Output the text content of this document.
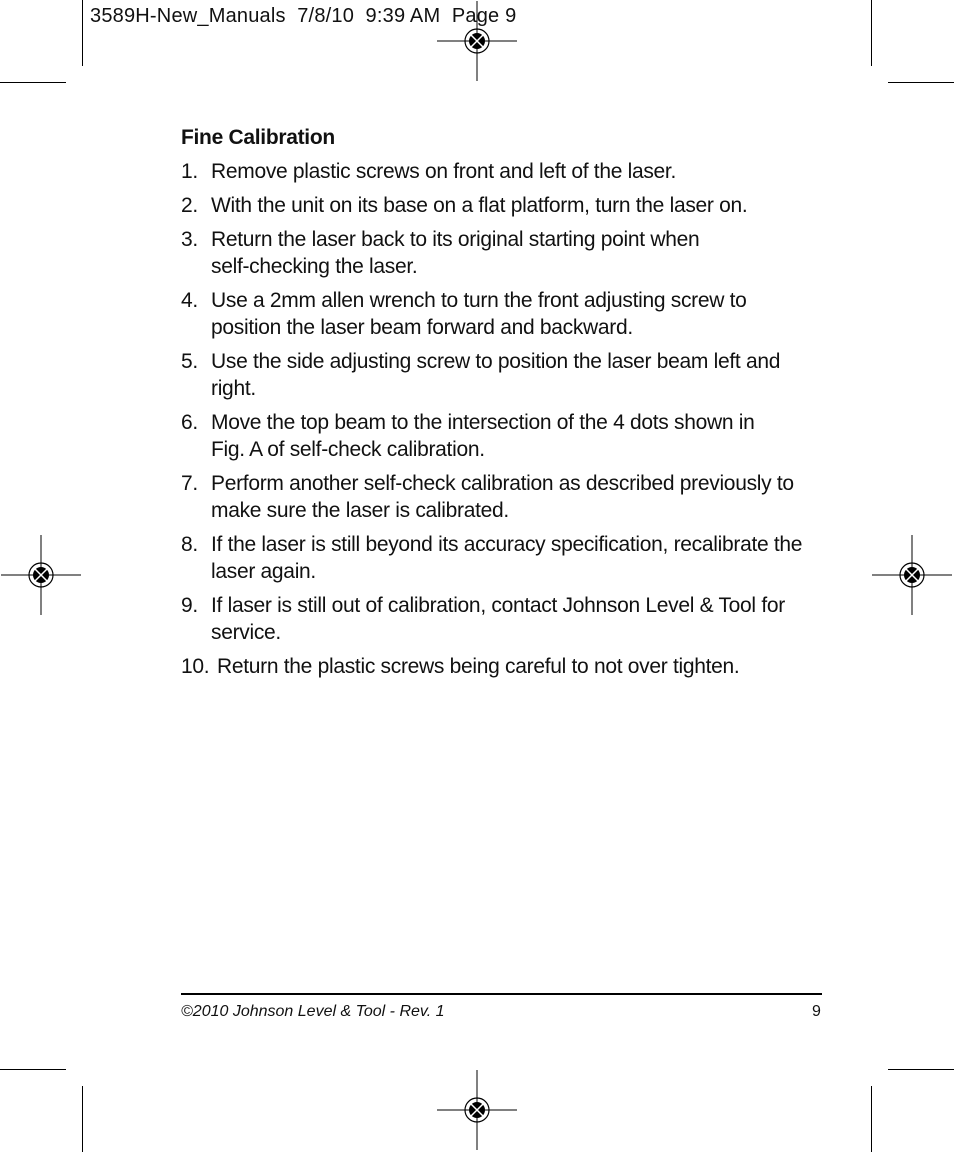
3589H-New_Manuals  7/8/10  9:39 AM  Page 9
Fine Calibration
1. Remove plastic screws on front and left of the laser.
2. With the unit on its base on a flat platform, turn the laser on.
3. Return the laser back to its original starting point when self-checking the laser.
4. Use a 2mm allen wrench to turn the front adjusting screw to position the laser beam forward and backward.
5. Use the side adjusting screw to position the laser beam left and right.
6. Move the top beam to the intersection of the 4 dots shown in Fig. A of self-check calibration.
7. Perform another self-check calibration as described previously to make sure the laser is calibrated.
8. If the laser is still beyond its accuracy specification, recalibrate the laser again.
9. If laser is still out of calibration, contact Johnson Level & Tool for service.
10. Return the plastic screws being careful to not over tighten.
©2010 Johnson Level & Tool - Rev. 1	9
